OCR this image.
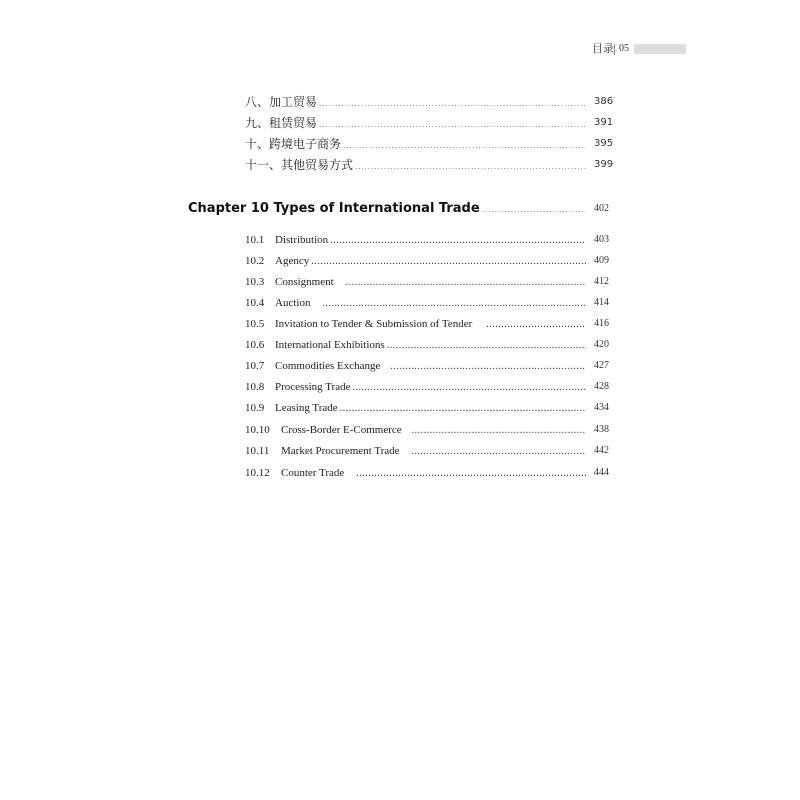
目录 05
八、加工贸易 .....	386
九、租赁贸易 .....	391
十、跨境电子商务 .....	395
十一、其他贸易方式 .....	399
Chapter 10 Types of International Trade .....	402
10.1 Distribution .....	403
10.2 Agency .....	409
10.3 Consignment .....	412
10.4 Auction .....	414
10.5 Invitation to Tender & Submission of Tender .....	416
10.6 International Exhibitions .....	420
10.7 Commodities Exchange .....	427
10.8 Processing Trade .....	428
10.9 Leasing Trade .....	434
10.10 Cross-Border E-Commerce .....	438
10.11 Market Procurement Trade .....	442
10.12 Counter Trade .....	444
